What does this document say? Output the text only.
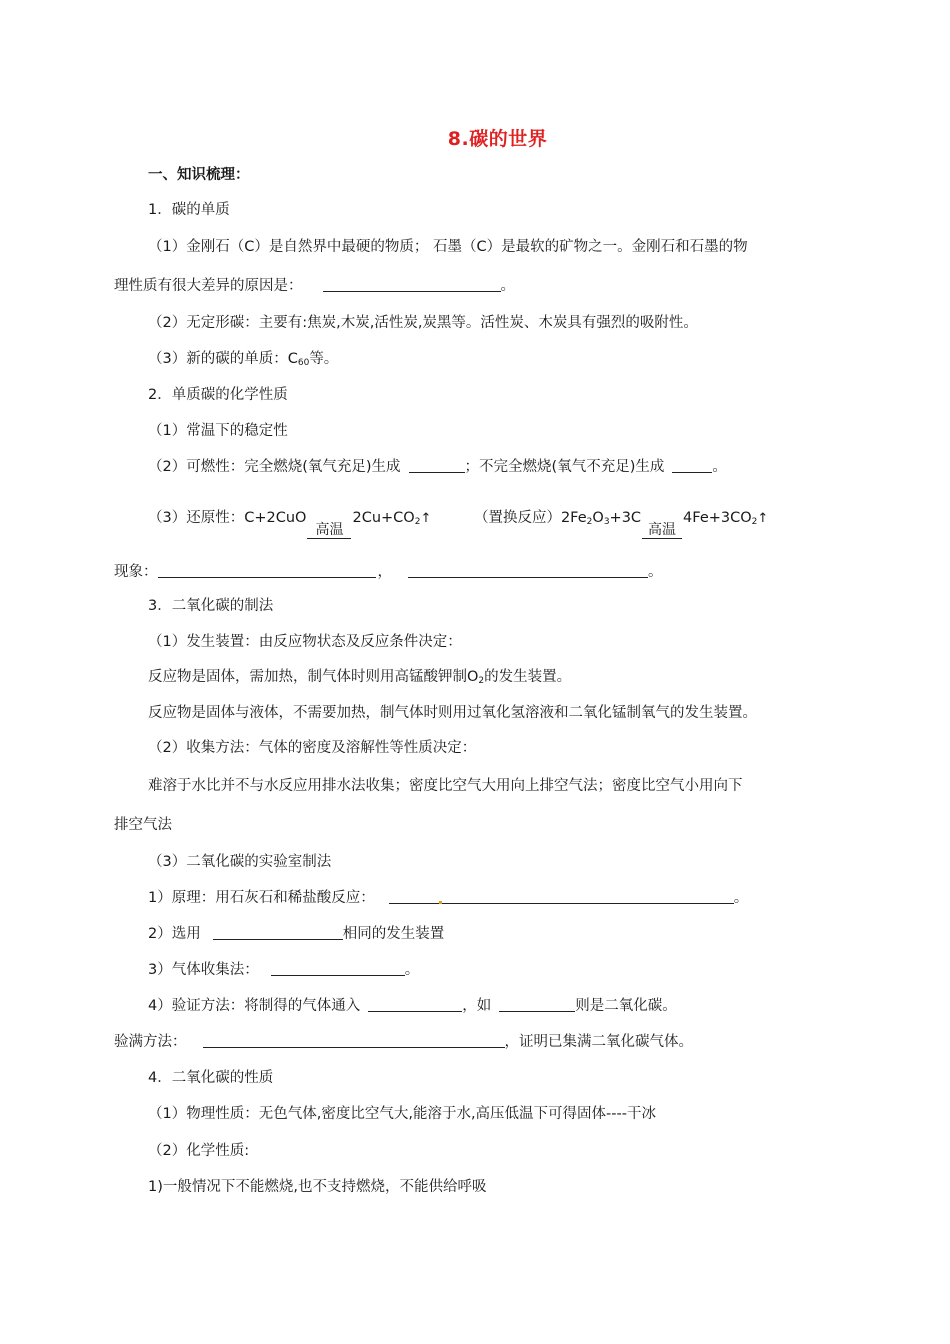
8.碳的世界
一、知识梳理：
1．碳的单质
（1）金刚石（C）是自然界中最硬的物质； 石墨（C）是最软的矿物之一。金刚石和石墨的物
理性质有很大差异的原因是：	。
（2）无定形碳：主要有:焦炭,木炭,活性炭,炭黑等。活性炭、木炭具有强烈的吸附性。
（3）新的碳的单质：$C_{60}$等。
2．单质碳的化学性质
（1）常温下的稳定性
（2）可燃性：完全燃烧(氧气充足)生成	；不完全燃烧(氧气不充足)生成	。
（3）还原性：C+2CuO
高温
$2Cu+CO_2↑$	（置换反应）$2Fe_2O_3+3C$
高温
$4Fe+3CO_2↑$
现象：	，	。
3．二氧化碳的制法
（1）发生装置：由反应物状态及反应条件决定：
反应物是固体，需加热，制气体时则用高锰酸钾制$O_2$的发生装置。
反应物是固体与液体，不需要加热，制气体时则用过氧化氢溶液和二氧化锰制氧气的发生装置。
（2）收集方法：气体的密度及溶解性等性质决定：
难溶于水比并不与水反应用排水法收集；密度比空气大用向上排空气法；密度比空气小用向下
排空气法
（3）二氧化碳的实验室制法
1）原理：用石灰石和稀盐酸反应：	。
2）选用	相同的发生装置
3）气体收集法：	。
4）验证方法：将制得的气体通入	，如	则是二氧化碳。
验满方法：	，证明已集满二氧化碳气体。
4．二氧化碳的性质
（1）物理性质：无色气体,密度比空气大,能溶于水,高压低温下可得固体----干冰
（2）化学性质:
1)一般情况下不能燃烧,也不支持燃烧，不能供给呼吸
